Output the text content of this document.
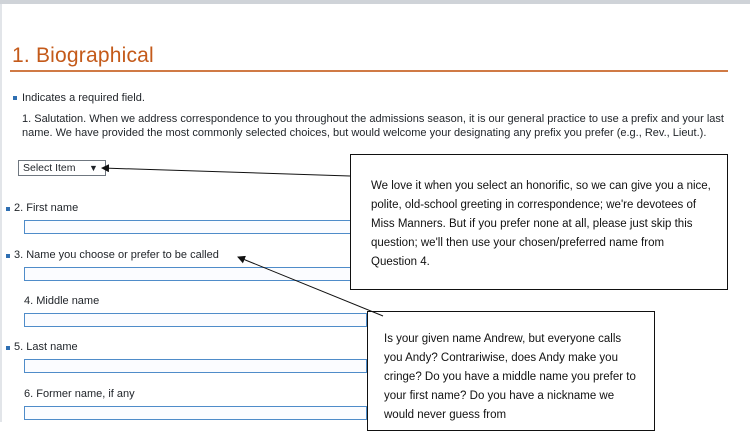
1. Biographical
Indicates a required field.
1. Salutation. When we address correspondence to you throughout the admissions season, it is our general practice to use a prefix and your last name. We have provided the most commonly selected choices, but would welcome your designating any prefix you prefer (e.g., Rev., Lieut.).
Select Item ▼
2. First name
3. Name you choose or prefer to be called
4. Middle name
5. Last name
6. Former name, if any
We love it when you select an honorific, so we can give you a nice, polite, old-school greeting in correspondence; we're devotees of Miss Manners. But if you prefer none at all, please just skip this question; we'll then use your chosen/preferred name from Question 4.
Is your given name Andrew, but everyone calls you Andy? Contrariwise, does Andy make you cringe? Do you have a middle name you prefer to your first name? Do you have a nickname we would never guess from
